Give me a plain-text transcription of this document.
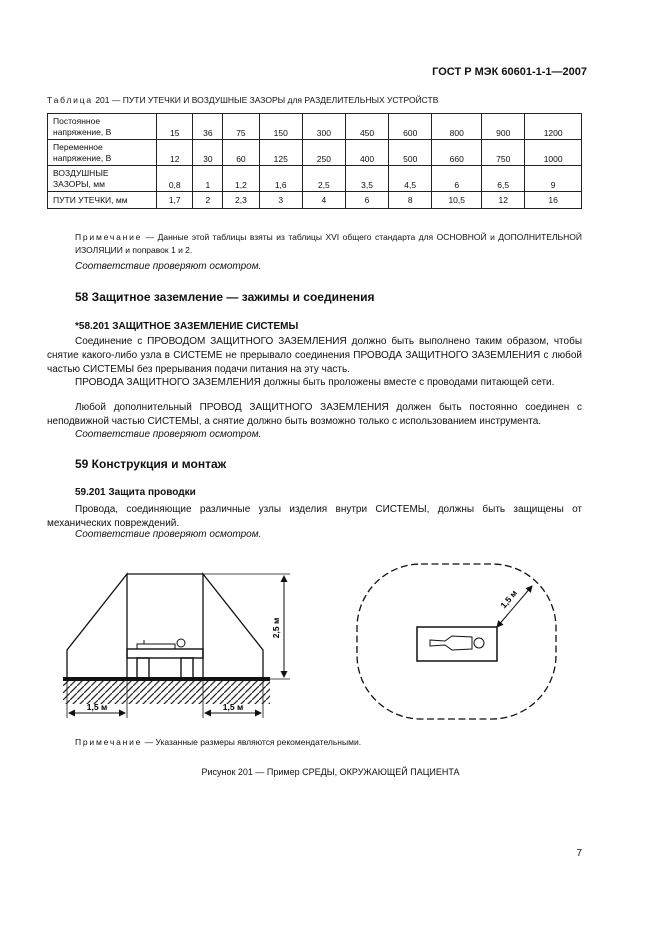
ГОСТ Р МЭК 60601-1-1—2007
Таблица 201 — ПУТИ УТЕЧКИ И ВОЗДУШНЫЕ ЗАЗОРЫ для РАЗДЕЛИТЕЛЬНЫХ УСТРОЙСТВ
Постоянное
напряжение, В	15	36	75	150	300	450	600	800	900	1200
Переменное
напряжение, В	12	30	60	125	250	400	500	660	750	1000
ВОЗДУШНЫЕ
ЗАЗОРЫ, мм	0,8	1	1,2	1,6	2,5	3,5	4,5	6	6,5	9
ПУТИ УТЕЧКИ, мм	1,7	2	2,3	3	4	6	8	10,5	12	16
Примечание — Данные этой таблицы взяты из таблицы XVI общего стандарта для ОСНОВНОЙ и ДОПОЛНИТЕЛЬНОЙ ИЗОЛЯЦИИ и поправок 1 и 2.
Соответствие проверяют осмотром.
58 Защитное заземление — зажимы и соединения
*58.201 ЗАЩИТНОЕ ЗАЗЕМЛЕНИЕ СИСТЕМЫ
Соединение с ПРОВОДОМ ЗАЩИТНОГО ЗАЗЕМЛЕНИЯ должно быть выполнено таким образом, чтобы снятие какого-либо узла в СИСТЕМЕ не прерывало соединения ПРОВОДА ЗАЩИТНОГО ЗАЗЕМЛЕНИЯ с любой частью СИСТЕМЫ без прерывания подачи питания на эту часть.
ПРОВОДА ЗАЩИТНОГО ЗАЗЕМЛЕНИЯ должны быть проложены вместе с проводами питающей сети.
Любой дополнительный ПРОВОД ЗАЩИТНОГО ЗАЗЕМЛЕНИЯ должен быть постоянно соединен с неподвижной частью СИСТЕМЫ, а снятие должно быть возможно только с использованием инструмента.
Соответствие проверяют осмотром.
59 Конструкция и монтаж
59.201 Защита проводки
Провода, соединяющие различные узлы изделия внутри СИСТЕМЫ, должны быть защищены от механических повреждений.
Соответствие проверяют осмотром.
2,5 м
1,5 м	1,5 м
1,5 м
Примечание — Указанные размеры являются рекомендательными.
Рисунок 201 — Пример СРЕДЫ, ОКРУЖАЮЩЕЙ ПАЦИЕНТА
7
